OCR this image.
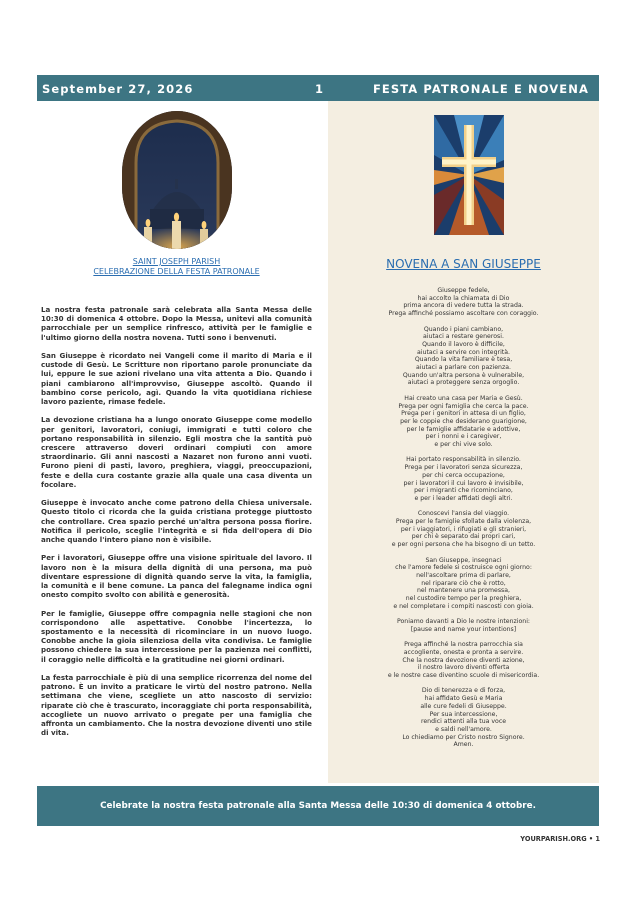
September 27, 2026	1	FESTA PATRONALE E NOVENA
SAINT JOSEPH PARISH
CELEBRAZIONE DELLA FESTA PATRONALE

La nostra festa patronale sarà celebrata alla Santa Messa delle 10:30 di domenica 4 ottobre. Dopo la Messa, unitevi alla comunità parrocchiale per un semplice rinfresco, attività per le famiglie e l'ultimo giorno della nostra novena. Tutti sono i benvenuti.

San Giuseppe è ricordato nei Vangeli come il marito di Maria e il custode di Gesù. Le Scritture non riportano parole pronunciate da lui, eppure le sue azioni rivelano una vita attenta a Dio. Quando i piani cambiarono all'improvviso, Giuseppe ascoltò. Quando il bambino corse pericolo, agì. Quando la vita quotidiana richiese lavoro paziente, rimase fedele.

La devozione cristiana ha a lungo onorato Giuseppe come modello per genitori, lavoratori, coniugi, immigrati e tutti coloro che portano responsabilità in silenzio. Egli mostra che la santità può crescere attraverso doveri ordinari compiuti con amore straordinario. Gli anni nascosti a Nazaret non furono anni vuoti. Furono pieni di pasti, lavoro, preghiera, viaggi, preoccupazioni, feste e della cura costante grazie alla quale una casa diventa un focolare.

Giuseppe è invocato anche come patrono della Chiesa universale. Questo titolo ci ricorda che la guida cristiana protegge piuttosto che controllare. Crea spazio perché un'altra persona possa fiorire. Notifica il pericolo, sceglie l'integrità e si fida dell'opera di Dio anche quando l'intero piano non è visibile.

Per i lavoratori, Giuseppe offre una visione spirituale del lavoro. Il lavoro non è la misura della dignità di una persona, ma può diventare espressione di dignità quando serve la vita, la famiglia, la comunità e il bene comune. La panca del falegname indica ogni onesto compito svolto con abilità e generosità.

Per le famiglie, Giuseppe offre compagnia nelle stagioni che non corrispondono alle aspettative. Conobbe l'incertezza, lo spostamento e la necessità di ricominciare in un nuovo luogo. Conobbe anche la gioia silenziosa della vita condivisa. Le famiglie possono chiedere la sua intercessione per la pazienza nei conflitti, il coraggio nelle difficoltà e la gratitudine nei giorni ordinari.

La festa parrocchiale è più di una semplice ricorrenza del nome del patrono. È un invito a praticare le virtù del nostro patrono. Nella settimana che viene, scegliete un atto nascosto di servizio: riparate ciò che è trascurato, incoraggiate chi porta responsabilità, accogliete un nuovo arrivato o pregate per una famiglia che affronta un cambiamento. Che la nostra devozione diventi uno stile di vita.

NOVENA A SAN GIUSEPPE
Giuseppe fedele,
hai accolto la chiamata di Dio
prima ancora di vedere tutta la strada.
Prega affinché possiamo ascoltare con coraggio.
Quando i piani cambiano,
aiutaci a restare generosi.
Quando il lavoro è difficile,
aiutaci a servire con integrità.
Quando la vita familiare è tesa,
aiutaci a parlare con pazienza.
Quando un'altra persona è vulnerabile,
aiutaci a proteggere senza orgoglio.
Hai creato una casa per Maria e Gesù.
Prega per ogni famiglia che cerca la pace.
Prega per i genitori in attesa di un figlio,
per le coppie che desiderano guarigione,
per le famiglie affidatarie e adottive,
per i nonni e i caregiver,
e per chi vive solo.
Hai portato responsabilità in silenzio.
Prega per i lavoratori senza sicurezza,
per chi cerca occupazione,
per i lavoratori il cui lavoro è invisibile,
per i migranti che ricominciano,
e per i leader affidati degli altri.
Conoscevi l'ansia del viaggio.
Prega per le famiglie sfollate dalla violenza,
per i viaggiatori, i rifugiati e gli stranieri,
per chi è separato dai propri cari,
e per ogni persona che ha bisogno di un tetto.
San Giuseppe, insegnaci
che l'amore fedele si costruisce ogni giorno:
nell'ascoltare prima di parlare,
nel riparare ciò che è rotto,
nel mantenere una promessa,
nel custodire tempo per la preghiera,
e nel completare i compiti nascosti con gioia.
Poniamo davanti a Dio le nostre intenzioni:
[pause and name your intentions]
Prega affinché la nostra parrocchia sia
accogliente, onesta e pronta a servire.
Che la nostra devozione diventi azione,
il nostro lavoro diventi offerta
e le nostre case diventino scuole di misericordia.
Dio di tenerezza e di forza,
hai affidato Gesù e Maria
alle cure fedeli di Giuseppe.
Per sua intercessione,
rendici attenti alla tua voce
e saldi nell'amore.
Lo chiediamo per Cristo nostro Signore.
Amen.
Celebrate la nostra festa patronale alla Santa Messa delle 10:30 di domenica 4 ottobre.
YOURPARISH.ORG • 1
